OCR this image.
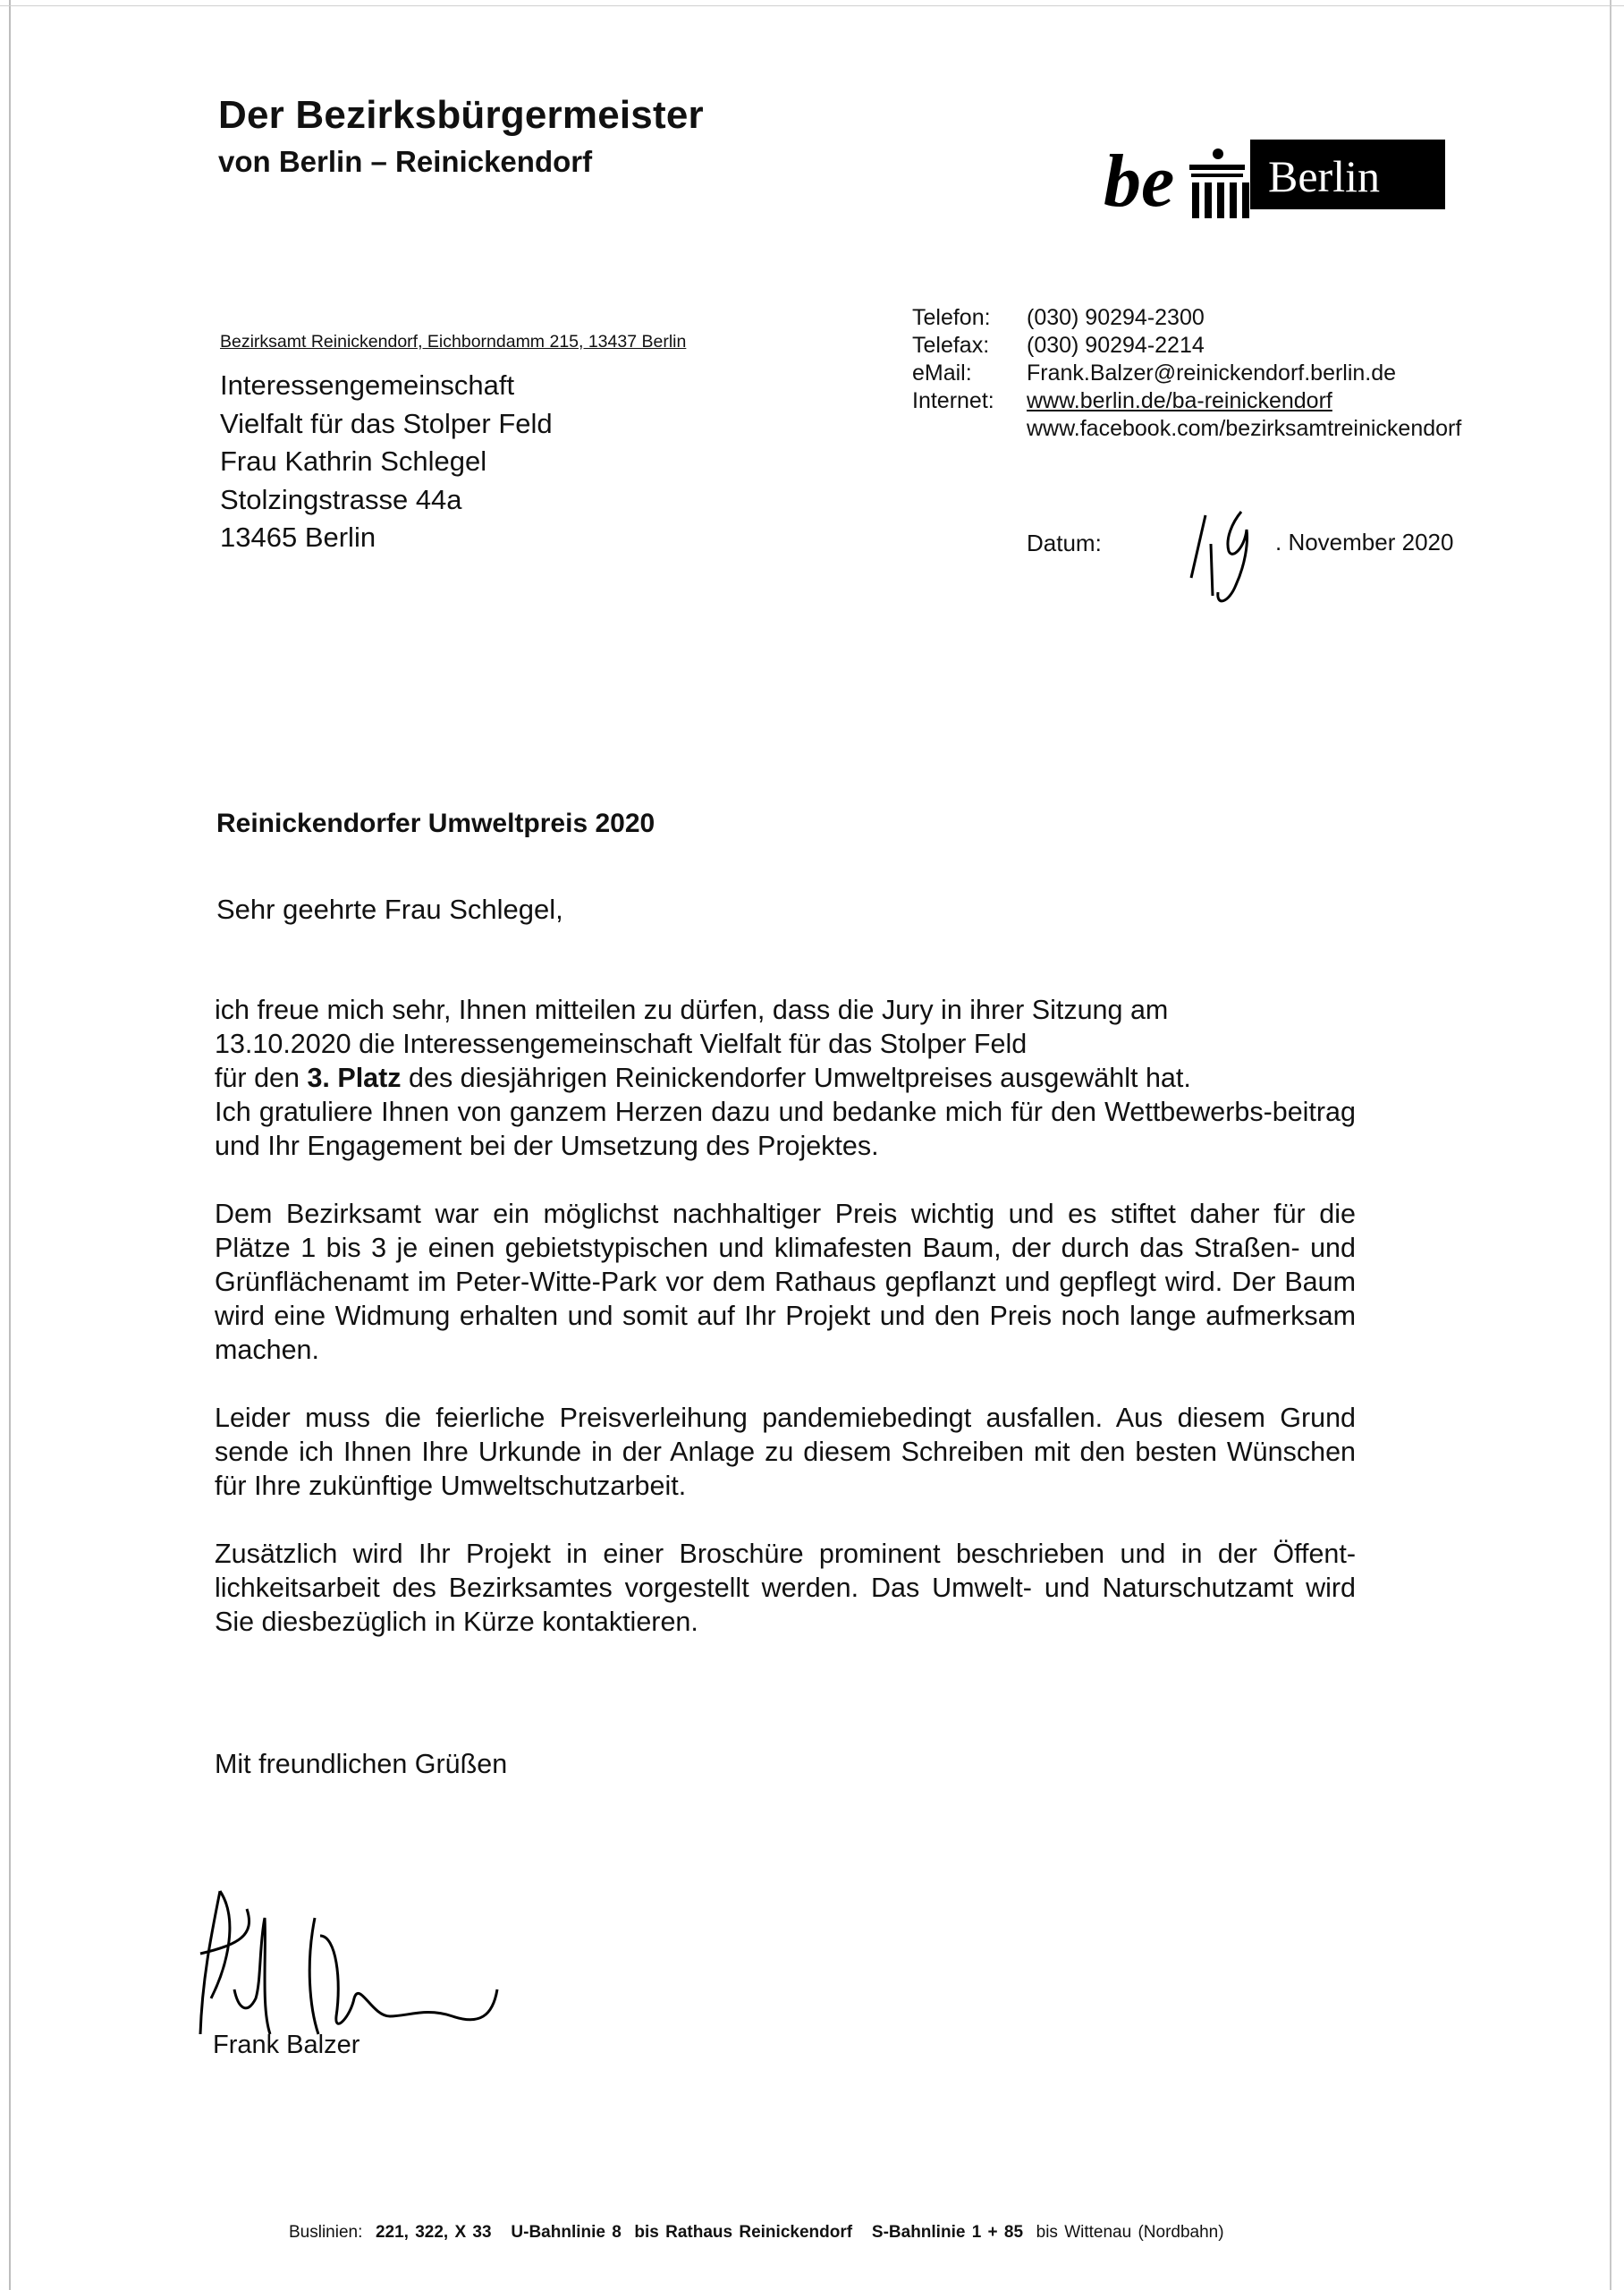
Der Bezirksbürgermeister
von Berlin – Reinickendorf	be Berlin
Bezirksamt Reinickendorf, Eichborndamm 215, 13437 Berlin
Interessengemeinschaft
Vielfalt für das Stolper Feld
Frau Kathrin Schlegel
Stolzingstrasse 44a
13465 Berlin
Telefon:	(030) 90294-2300
Telefax:	(030) 90294-2214
eMail:	Frank.Balzer@reinickendorf.berlin.de
Internet:	www.berlin.de/ba-reinickendorf
www.facebook.com/bezirksamtreinickendorf
Datum:	. November 2020
Reinickendorfer Umweltpreis 2020
Sehr geehrte Frau Schlegel,

ich freue mich sehr, Ihnen mitteilen zu dürfen, dass die Jury in ihrer Sitzung am
13.10.2020 die Interessengemeinschaft Vielfalt für das Stolper Feld
für den 3. Platz des diesjährigen Reinickendorfer Umweltpreises ausgewählt hat.
Ich gratuliere Ihnen von ganzem Herzen dazu und bedanke mich für den Wettbewerbs-beitrag und Ihr Engagement bei der Umsetzung des Projektes.

Dem Bezirksamt war ein möglichst nachhaltiger Preis wichtig und es stiftet daher für die Plätze 1 bis 3 je einen gebietstypischen und klimafesten Baum, der durch das Straßen- und Grünflächenamt im Peter-Witte-Park vor dem Rathaus gepflanzt und gepflegt wird. Der Baum wird eine Widmung erhalten und somit auf Ihr Projekt und den Preis noch lange aufmerksam machen.

Leider muss die feierliche Preisverleihung pandemiebedingt ausfallen. Aus diesem Grund sende ich Ihnen Ihre Urkunde in der Anlage zu diesem Schreiben mit den besten Wünschen für Ihre zukünftige Umweltschutzarbeit.

Zusätzlich wird Ihr Projekt in einer Broschüre prominent beschrieben und in der Öffent-lichkeitsarbeit des Bezirksamtes vorgestellt werden. Das Umwelt- und Naturschutzamt wird Sie diesbezüglich in Kürze kontaktieren.

Mit freundlichen Grüßen
Frank Balzer
Buslinien: 221, 322, X 33 U-Bahnlinie 8 bis Rathaus Reinickendorf S-Bahnlinie 1 + 85 bis Wittenau (Nordbahn)
